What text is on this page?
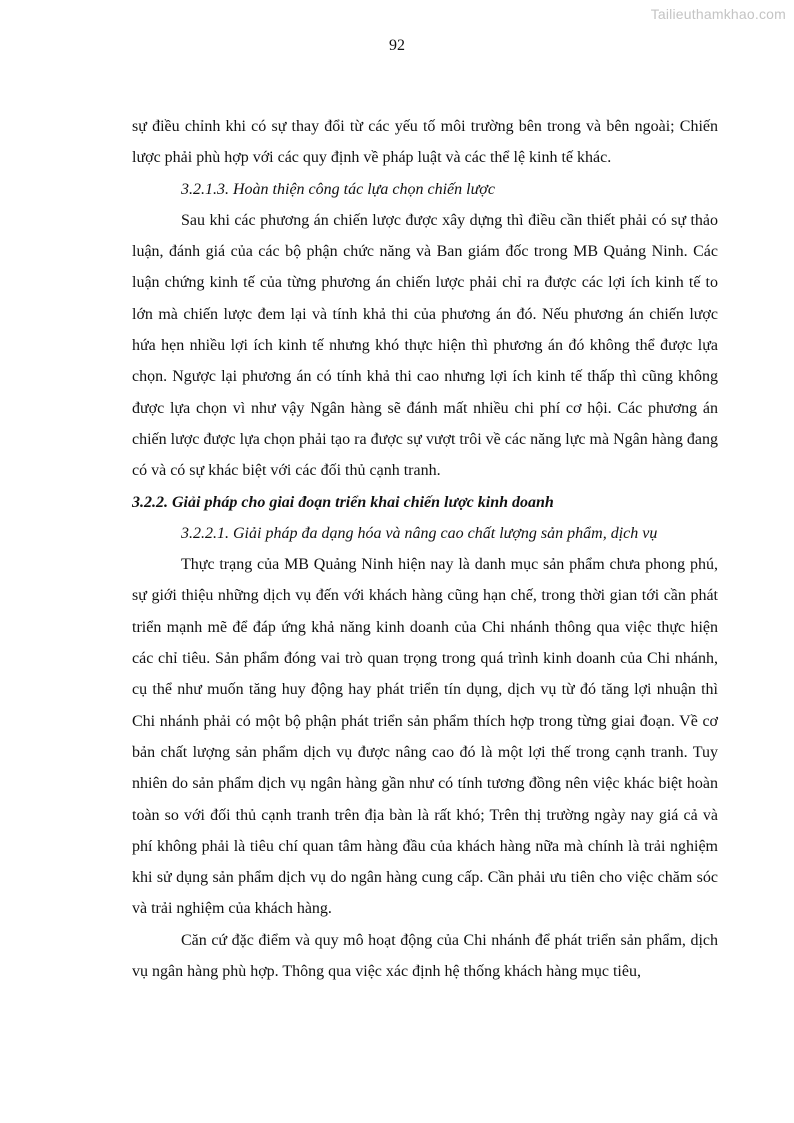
Tailieuthamkhao.com
92

sự điều chỉnh khi có sự thay đổi từ các yếu tố môi trường bên trong và bên ngoài; Chiến lược phải phù hợp với các quy định về pháp luật và các thể lệ kinh tế khác.

3.2.1.3. Hoàn thiện công tác lựa chọn chiến lược

Sau khi các phương án chiến lược được xây dựng thì điều cần thiết phải có sự thảo luận, đánh giá của các bộ phận chức năng và Ban giám đốc trong MB Quảng Ninh. Các luận chứng kinh tế của từng phương án chiến lược phải chỉ ra được các lợi ích kinh tế to lớn mà chiến lược đem lại và tính khả thi của phương án đó. Nếu phương án chiến lược hứa hẹn nhiều lợi ích kinh tế nhưng khó thực hiện thì phương án đó không thể được lựa chọn. Ngược lại phương án có tính khả thi cao nhưng lợi ích kinh tế thấp thì cũng không được lựa chọn vì như vậy Ngân hàng sẽ đánh mất nhiều chi phí cơ hội. Các phương án chiến lược được lựa chọn phải tạo ra được sự vượt trôi về các năng lực mà Ngân hàng đang có và có sự khác biệt với các đối thủ cạnh tranh.

3.2.2. Giải pháp cho giai đoạn triển khai chiến lược kinh doanh

3.2.2.1. Giải pháp đa dạng hóa và nâng cao chất lượng sản phẩm, dịch vụ

Thực trạng của MB Quảng Ninh hiện nay là danh mục sản phẩm chưa phong phú, sự giới thiệu những dịch vụ đến với khách hàng cũng hạn chế, trong thời gian tới cần phát triển mạnh mẽ để đáp ứng khả năng kinh doanh của Chi nhánh thông qua việc thực hiện các chỉ tiêu. Sản phẩm đóng vai trò quan trọng trong quá trình kinh doanh của Chi nhánh, cụ thể như muốn tăng huy động hay phát triển tín dụng, dịch vụ từ đó tăng lợi nhuận thì Chi nhánh phải có một bộ phận phát triển sản phẩm thích hợp trong từng giai đoạn. Về cơ bản chất lượng sản phẩm dịch vụ được nâng cao đó là một lợi thế trong cạnh tranh. Tuy nhiên do sản phẩm dịch vụ ngân hàng gần như có tính tương đồng nên việc khác biệt hoàn toàn so với đối thủ cạnh tranh trên địa bàn là rất khó; Trên thị trường ngày nay giá cả và phí không phải là tiêu chí quan tâm hàng đầu của khách hàng nữa mà chính là trải nghiệm khi sử dụng sản phẩm dịch vụ do ngân hàng cung cấp. Cần phải ưu tiên cho việc chăm sóc và trải nghiệm của khách hàng.

Căn cứ đặc điểm và quy mô hoạt động của Chi nhánh để phát triển sản phẩm, dịch vụ ngân hàng phù hợp. Thông qua việc xác định hệ thống khách hàng mục tiêu,
